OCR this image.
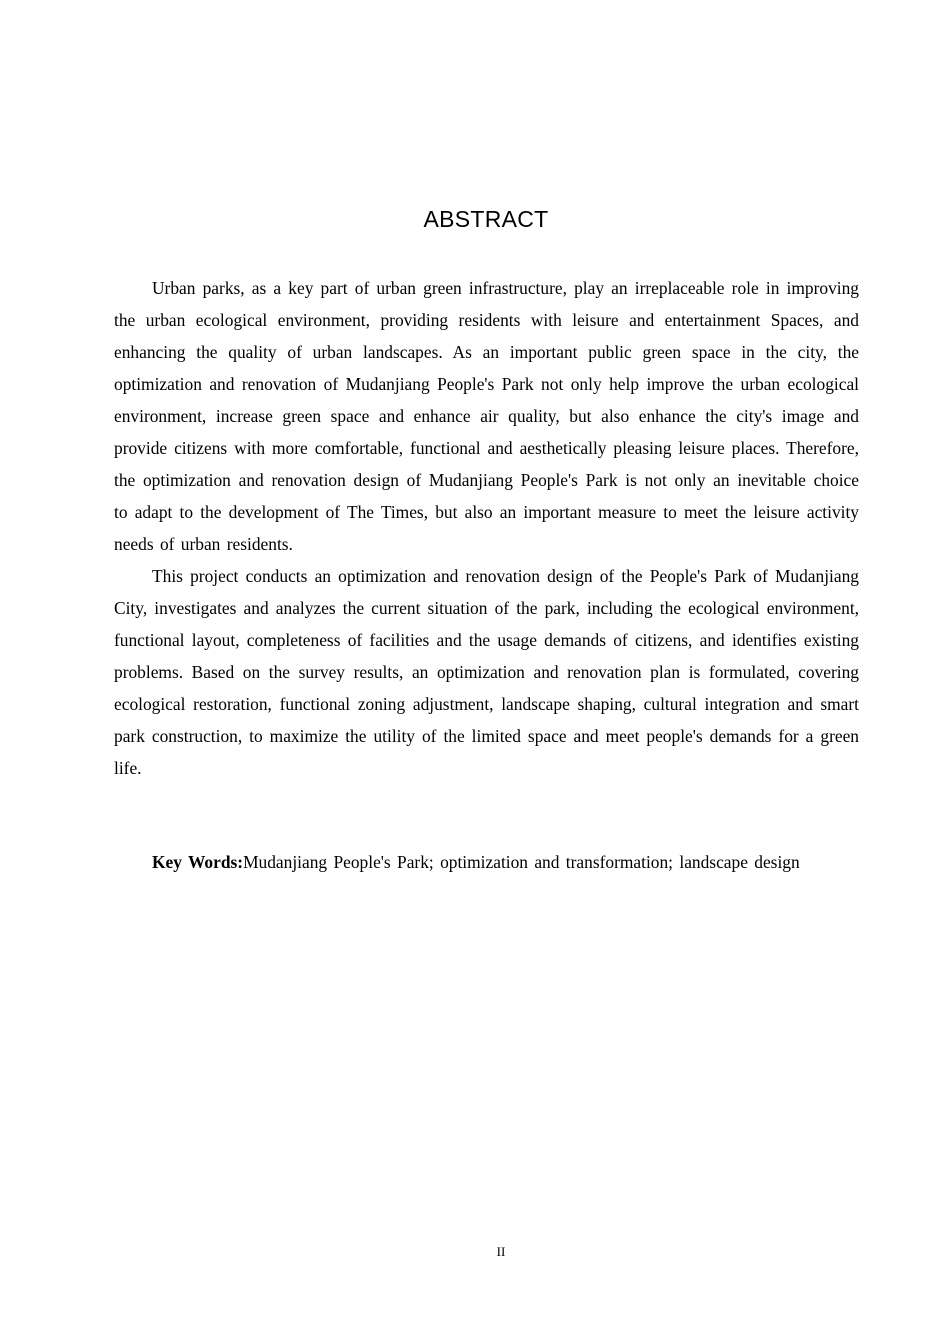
ABSTRACT

Urban parks, as a key part of urban green infrastructure, play an irreplaceable role in improving the urban ecological environment, providing residents with leisure and entertainment Spaces, and enhancing the quality of urban landscapes. As an important public green space in the city, the optimization and renovation of Mudanjiang People's Park not only help improve the urban ecological environment, increase green space and enhance air quality, but also enhance the city's image and provide citizens with more comfortable, functional and aesthetically pleasing leisure places. Therefore, the optimization and renovation design of Mudanjiang People's Park is not only an inevitable choice to adapt to the development of The Times, but also an important measure to meet the leisure activity needs of urban residents.

This project conducts an optimization and renovation design of the People's Park of Mudanjiang City, investigates and analyzes the current situation of the park, including the ecological environment, functional layout, completeness of facilities and the usage demands of citizens, and identifies existing problems. Based on the survey results, an optimization and renovation plan is formulated, covering ecological restoration, functional zoning adjustment, landscape shaping, cultural integration and smart park construction, to maximize the utility of the limited space and meet people's demands for a green life.

Key Words:Mudanjiang People's Park; optimization and transformation; landscape design

II
